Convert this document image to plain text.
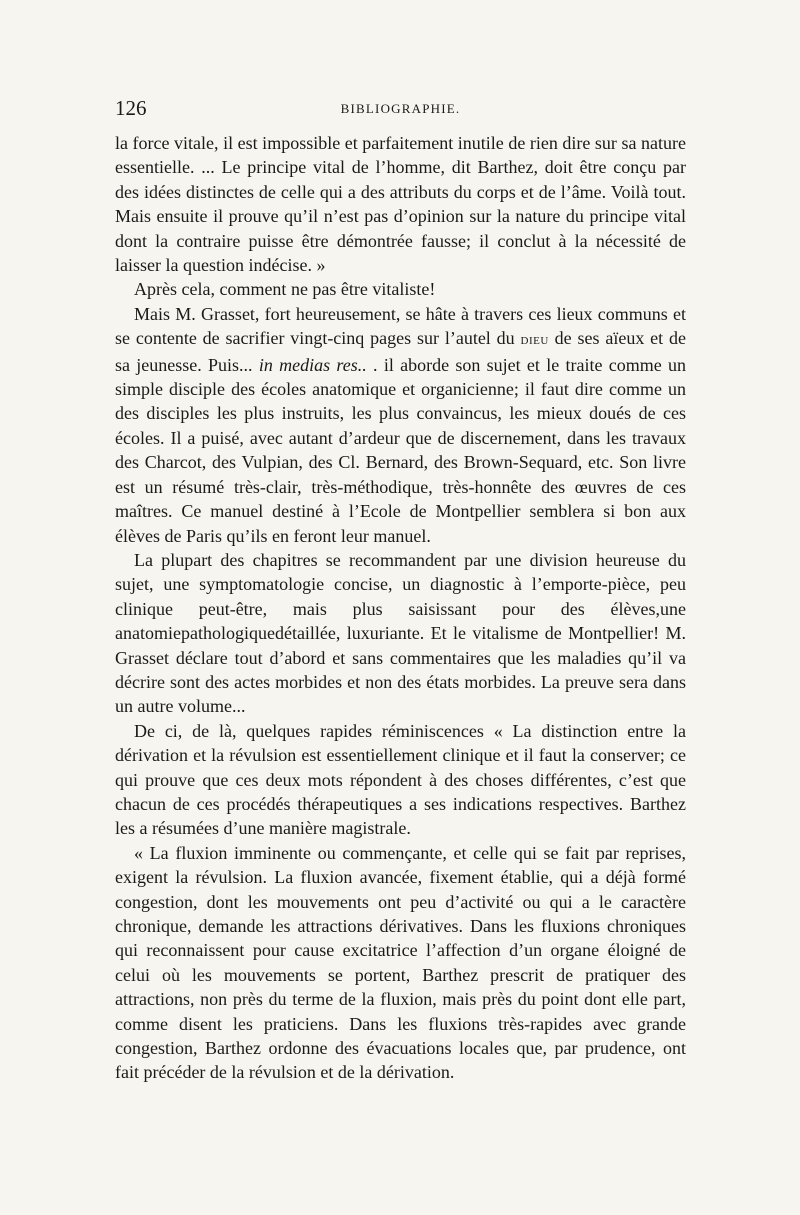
126	BIBLIOGRAPHIE.

la force vitale, il est impossible et parfaitement inutile de rien dire sur sa nature essentielle. ... Le principe vital de l’homme, dit Barthez, doit être conçu par des idées distinctes de celle qui a des attributs du corps et de l’âme. Voilà tout. Mais ensuite il prouve qu’il n’est pas d’opinion sur la nature du principe vital dont la contraire puisse être démontrée fausse; il conclut à la nécessité de laisser la question indécise. »

Après cela, comment ne pas être vitaliste!

Mais M. Grasset, fort heureusement, se hâte à travers ces lieux communs et se contente de sacrifier vingt-cinq pages sur l’autel du dieu de ses aïeux et de sa jeunesse. Puis... in medias res.. . il aborde son sujet et le traite comme un simple disciple des écoles anatomique et organicienne; il faut dire comme un des disciples les plus instruits, les plus convaincus, les mieux doués de ces écoles. Il a puisé, avec autant d’ardeur que de discernement, dans les travaux des Charcot, des Vulpian, des Cl. Bernard, des Brown-Sequard, etc. Son livre est un résumé très-clair, très-méthodique, très-honnête des œuvres de ces maîtres. Ce manuel destiné à l’Ecole de Montpellier semblera si bon aux élèves de Paris qu’ils en feront leur manuel.

La plupart des chapitres se recommandent par une division heureuse du sujet, une symptomatologie concise, un diagnostic à l’emporte-pièce, peu clinique peut-être, mais plus saisissant pour des élèves,une anatomiepathologiquedétaillée, luxuriante. Et le vitalisme de Montpellier! M. Grasset déclare tout d’abord et sans commentaires que les maladies qu’il va décrire sont des actes morbides et non des états morbides. La preuve sera dans un autre volume...

De ci, de là, quelques rapides réminiscences « La distinction entre la dérivation et la révulsion est essentiellement clinique et il faut la conserver; ce qui prouve que ces deux mots répondent à des choses différentes, c’est que chacun de ces procédés thérapeutiques a ses indications respectives. Barthez les a résumées d’une manière magistrale.

« La fluxion imminente ou commençante, et celle qui se fait par reprises, exigent la révulsion. La fluxion avancée, fixement établie, qui a déjà formé congestion, dont les mouvements ont peu d’activité ou qui a le caractère chronique, demande les attractions dérivatives. Dans les fluxions chroniques qui reconnaissent pour cause excitatrice l’affection d’un organe éloigné de celui où les mouvements se portent, Barthez prescrit de pratiquer des attractions, non près du terme de la fluxion, mais près du point dont elle part, comme disent les praticiens. Dans les fluxions très-rapides avec grande congestion, Barthez ordonne des évacuations locales que, par prudence, ont fait précéder de la révulsion et de la dérivation.
